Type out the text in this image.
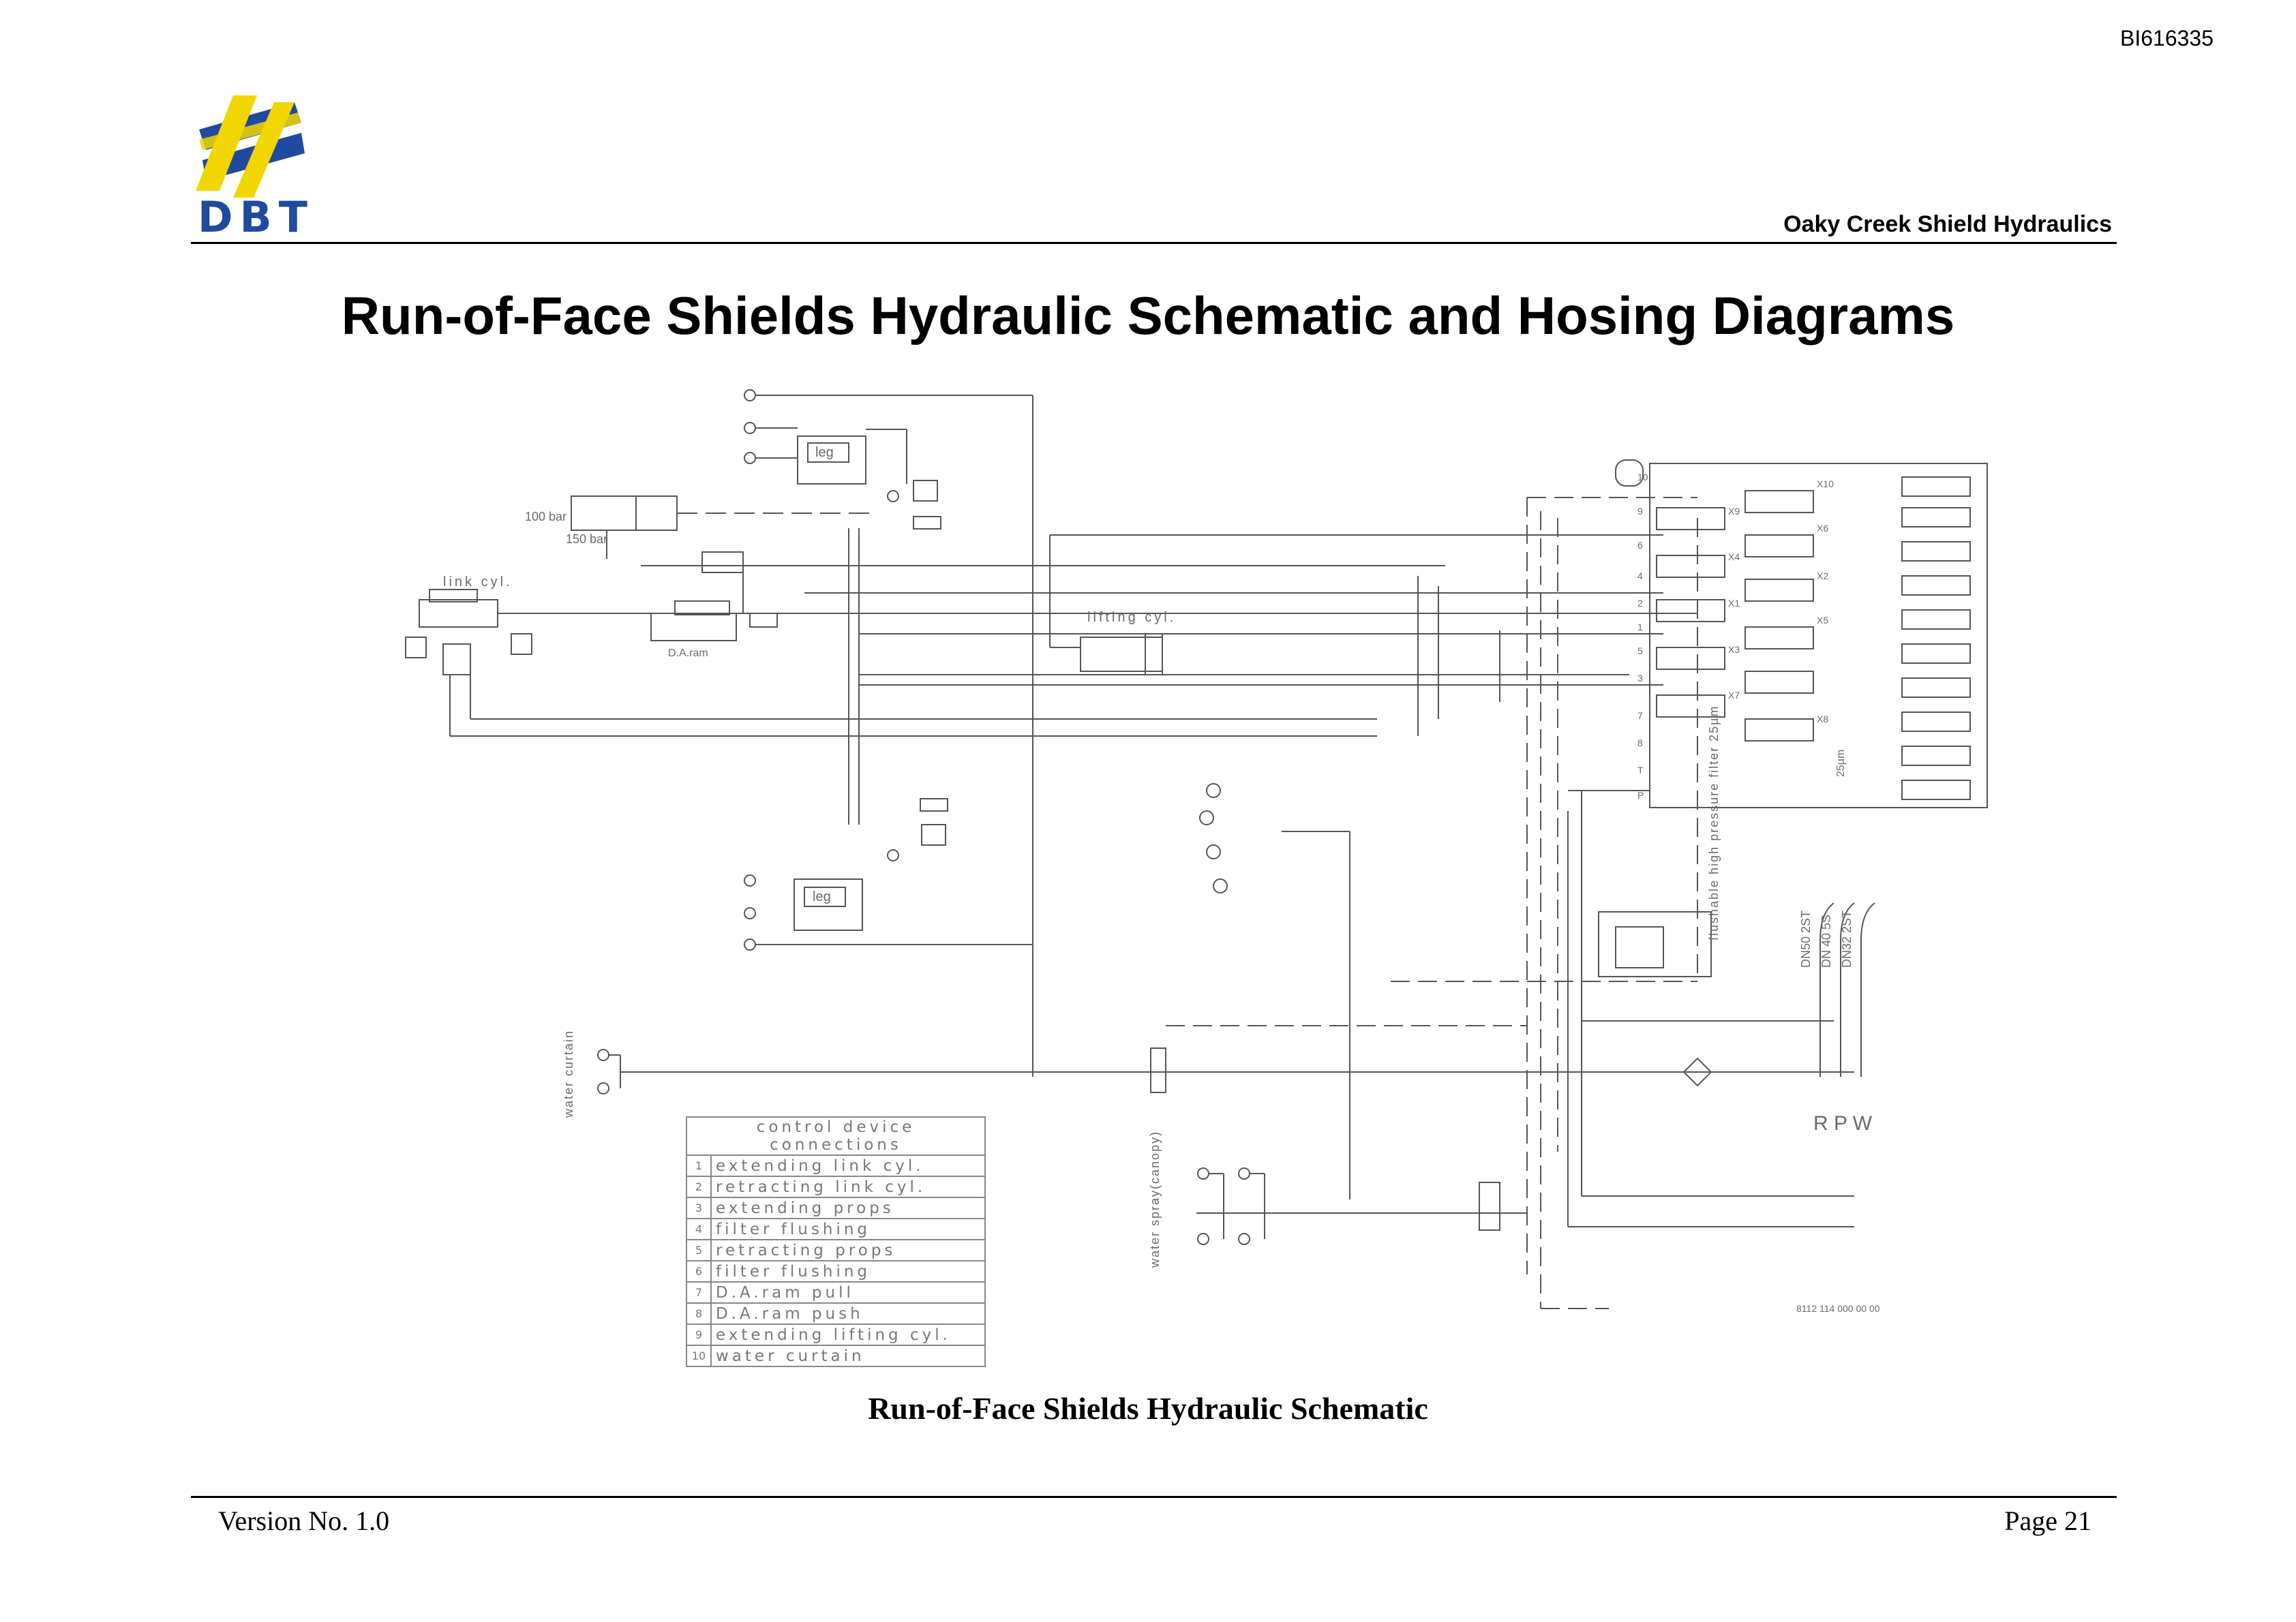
BI616335
DBT	Oaky Creek Shield Hydraulics
Run-of-Face Shields Hydraulic Schematic and Hosing Diagrams
leg
leg
100 bar
150 bar
link cyl.
D.A.ram
lifting cyl.
water curtain
water spray(canopy)
flushable high pressure filter 25µm	25µm
DN50 2ST DN 40 5S DN32 2ST
R P W
8112 114 000 00 00
10
9
6
4
2
1
5
3
7
8
T
P
X10
X9
X6
X4
X2
X1
X5
X3
X7
X8
control device connections	
1	extending link cyl.
2	retracting link cyl.
3	extending props
4	filter flushing
5	retracting props
6	filter flushing
7	D.A.ram pull
8	D.A.ram push
9	extending lifting cyl.
10	water curtain
Run-of-Face Shields Hydraulic Schematic
Version No. 1.0	Page 21
